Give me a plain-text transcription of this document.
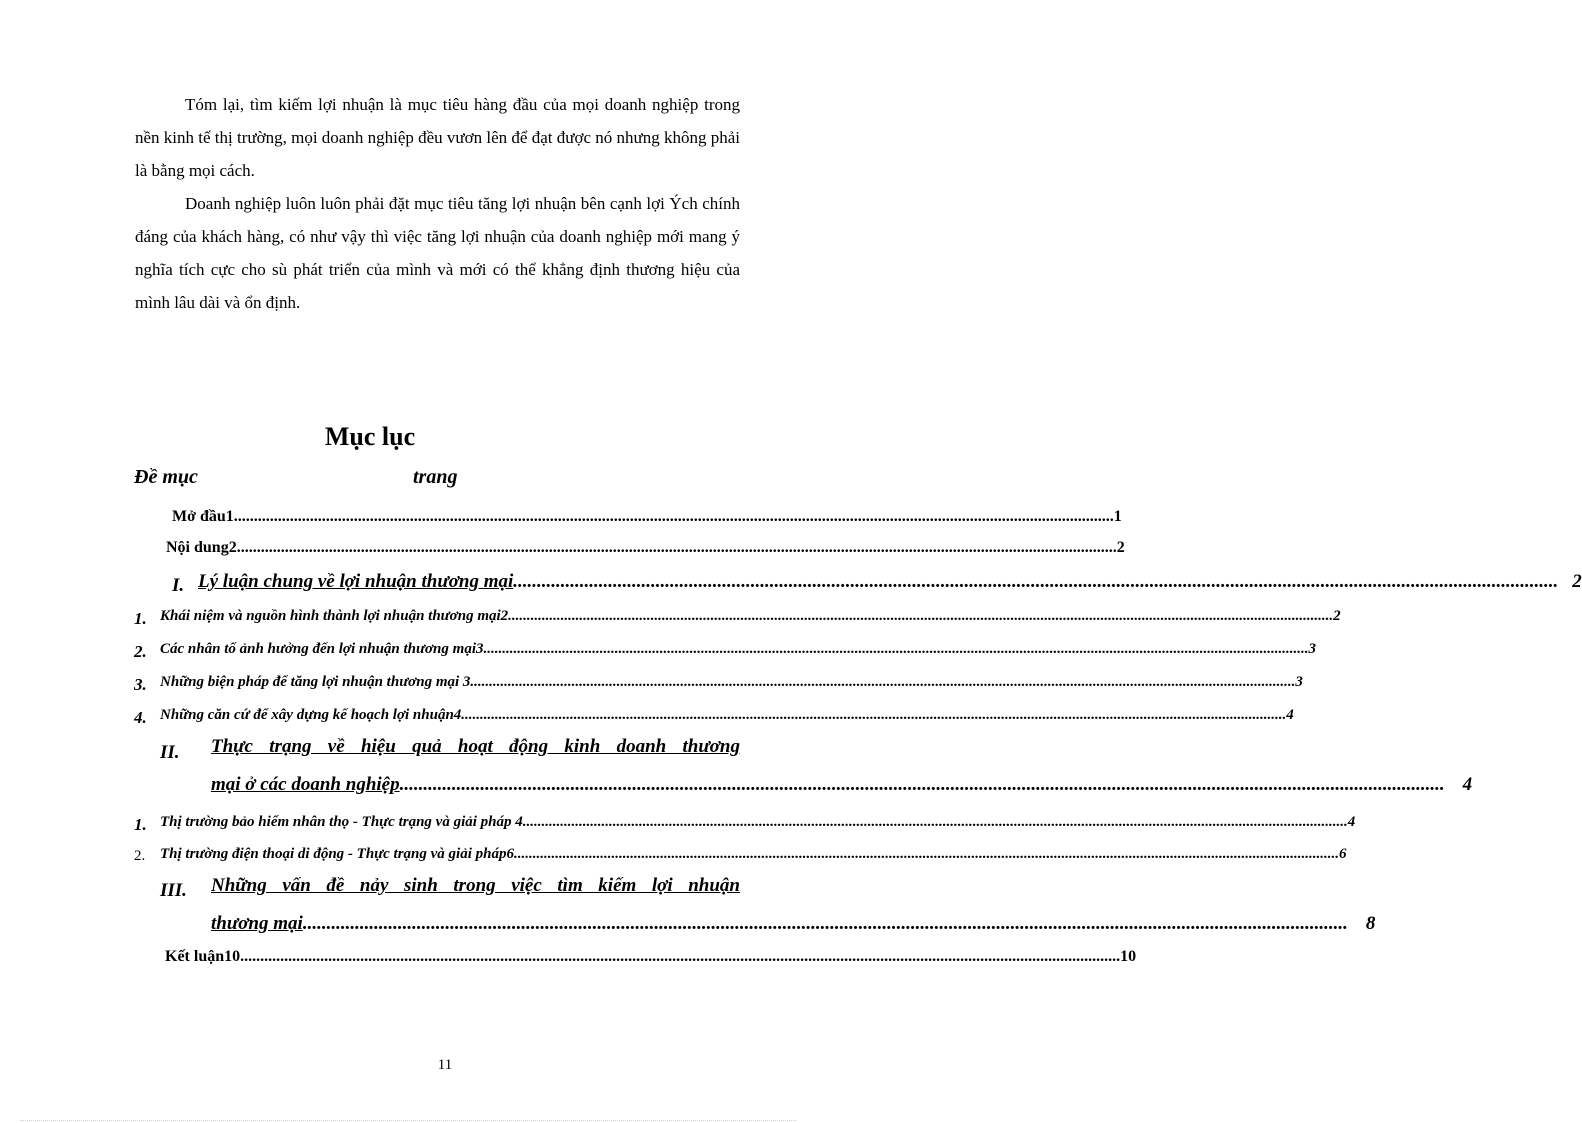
Tóm lại, tìm kiếm lợi nhuận là mục tiêu hàng đầu của mọi doanh nghiệp trong nền kinh tế thị trường, mọi doanh nghiệp đều vươn lên để đạt được nó nhưng không phải là bằng mọi cách.

Doanh nghiệp luôn luôn phải đặt mục tiêu tăng lợi nhuận bên cạnh lợi Ých chính đáng của khách hàng, có như vậy thì việc tăng lợi nhuận của doanh nghiệp mới mang ý nghĩa tích cực cho sù phát triển của mình và mới có thể khẳng định thương hiệu của mình lâu dài và ổn định.

Mục lục
Đề mục	trang
Mở đầu1 ............................................................................................................................................................................................................................ 1
Nội dung2 ............................................................................................................................................................................................................................ 2
I. Lý luận chung về lợi nhuận thương mại ............................................................................................................................................................................................................................ 2
1. Khái niệm và nguồn hình thành lợi nhuận thương mại2 ............................................................................................................................................................................................................................ 2
2. Các nhân tố ảnh hưởng đến lợi nhuận thương mại3 ............................................................................................................................................................................................................................ 3
3. Những biện pháp để tăng lợi nhuận thương mại 3 ............................................................................................................................................................................................................................ 3
4. Những căn cứ để xây dựng kế hoạch lợi nhuận4 ............................................................................................................................................................................................................................ 4
II. Thực trạng về hiệu quả hoạt động kinh doanh thương
mại ở các doanh nghiệp ............................................................................................................................................................................................................................ 4
1. Thị trường bảo hiểm nhân thọ - Thực trạng và giải pháp 4 ............................................................................................................................................................................................................................ 4
2. Thị trường điện thoại di động - Thực trạng và giải pháp6 ............................................................................................................................................................................................................................ 6
III. Những vấn đề nảy sinh trong việc tìm kiếm lợi nhuận
thương mại ............................................................................................................................................................................................................................ 8
Kết luận10 ............................................................................................................................................................................................................................ 10
11
